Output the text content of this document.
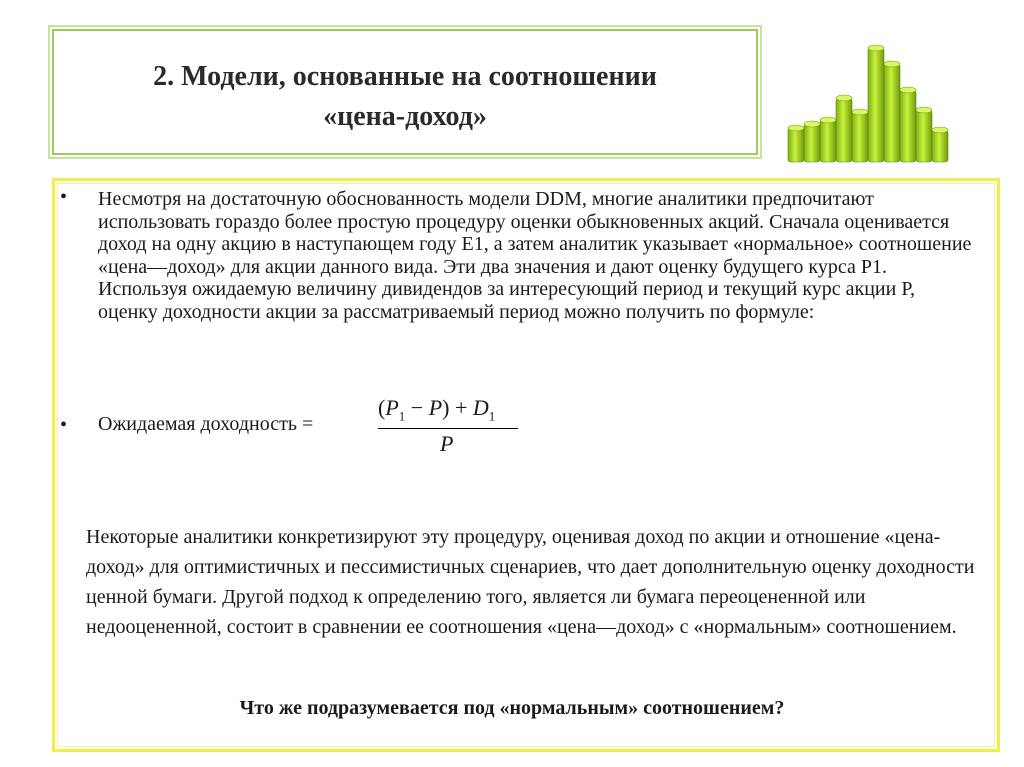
2. Модели, основанные на соотношении
«цена-доход»
• Несмотря на достаточную обоснованность модели DDM, многие аналитики предпочитают использовать гораздо более простую процедуру оценки обыкновенных акций. Сначала оценивается доход на одну акцию в наступающем году Е1, а затем аналитик указывает «нормальное» соотношение «цена—доход» для акции данного вида. Эти два значения и дают оценку будущего курса Р1. Используя ожидаемую величину дивидендов за интересующий период и текущий курс акции Р, оценку доходности акции за рассматриваемый период можно получить по формуле:

• Ожидаемая доходность =
$(P_1 - P) + D_1$
P

Некоторые аналитики конкретизируют эту процедуру, оценивая доход по акции и отношение «цена-доход» для оптимистичных и пессимистичных сценариев, что дает дополнительную оценку доходности ценной бумаги. Другой подход к определению того, является ли бумага переоцененной или недооцененной, состоит в сравнении ее соотношения «цена—доход» с «нормальным» соотношением.

Что же подразумевается под «нормальным» соотношением?
